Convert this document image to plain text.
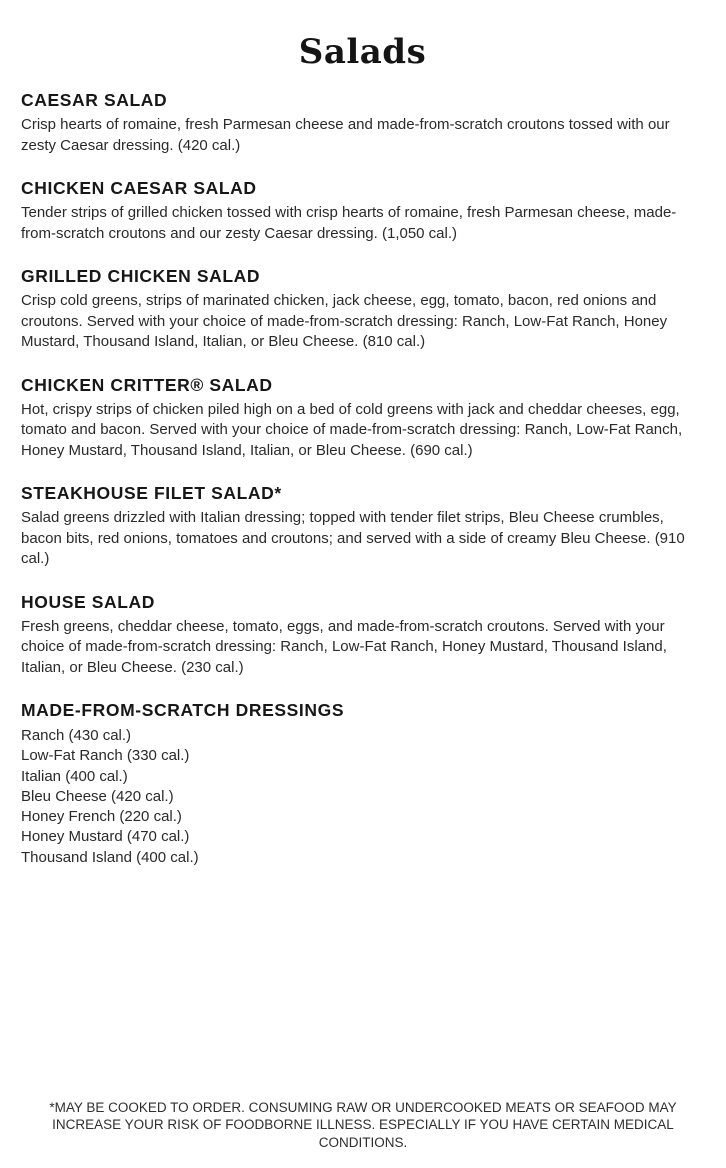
Salads
CAESAR SALAD

Crisp hearts of romaine, fresh Parmesan cheese and made-from-scratch croutons tossed with our zesty Caesar dressing. (420 cal.)

CHICKEN CAESAR SALAD

Tender strips of grilled chicken tossed with crisp hearts of romaine, fresh Parmesan cheese, made-from-scratch croutons and our zesty Caesar dressing. (1,050 cal.)

GRILLED CHICKEN SALAD

Crisp cold greens, strips of marinated chicken, jack cheese, egg, tomato, bacon, red onions and croutons. Served with your choice of made-from-scratch dressing: Ranch, Low-Fat Ranch, Honey Mustard, Thousand Island, Italian, or Bleu Cheese. (810 cal.)

CHICKEN CRITTER® SALAD

Hot, crispy strips of chicken piled high on a bed of cold greens with jack and cheddar cheeses, egg, tomato and bacon. Served with your choice of made-from-scratch dressing: Ranch, Low-Fat Ranch, Honey Mustard, Thousand Island, Italian, or Bleu Cheese. (690 cal.)

STEAKHOUSE FILET SALAD*

Salad greens drizzled with Italian dressing; topped with tender filet strips, Bleu Cheese crumbles, bacon bits, red onions, tomatoes and croutons; and served with a side of creamy Bleu Cheese. (910 cal.)

HOUSE SALAD

Fresh greens, cheddar cheese, tomato, eggs, and made-from-scratch croutons. Served with your choice of made-from-scratch dressing: Ranch, Low-Fat Ranch, Honey Mustard, Thousand Island, Italian, or Bleu Cheese. (230 cal.)

MADE-FROM-SCRATCH DRESSINGS
Ranch (430 cal.)
Low-Fat Ranch (330 cal.)
Italian (400 cal.)
Bleu Cheese (420 cal.)
Honey French (220 cal.)
Honey Mustard (470 cal.)
Thousand Island (400 cal.)
*MAY BE COOKED TO ORDER. CONSUMING RAW OR UNDERCOOKED MEATS OR SEAFOOD MAY INCREASE YOUR RISK OF FOODBORNE ILLNESS. ESPECIALLY IF YOU HAVE CERTAIN MEDICAL CONDITIONS.
